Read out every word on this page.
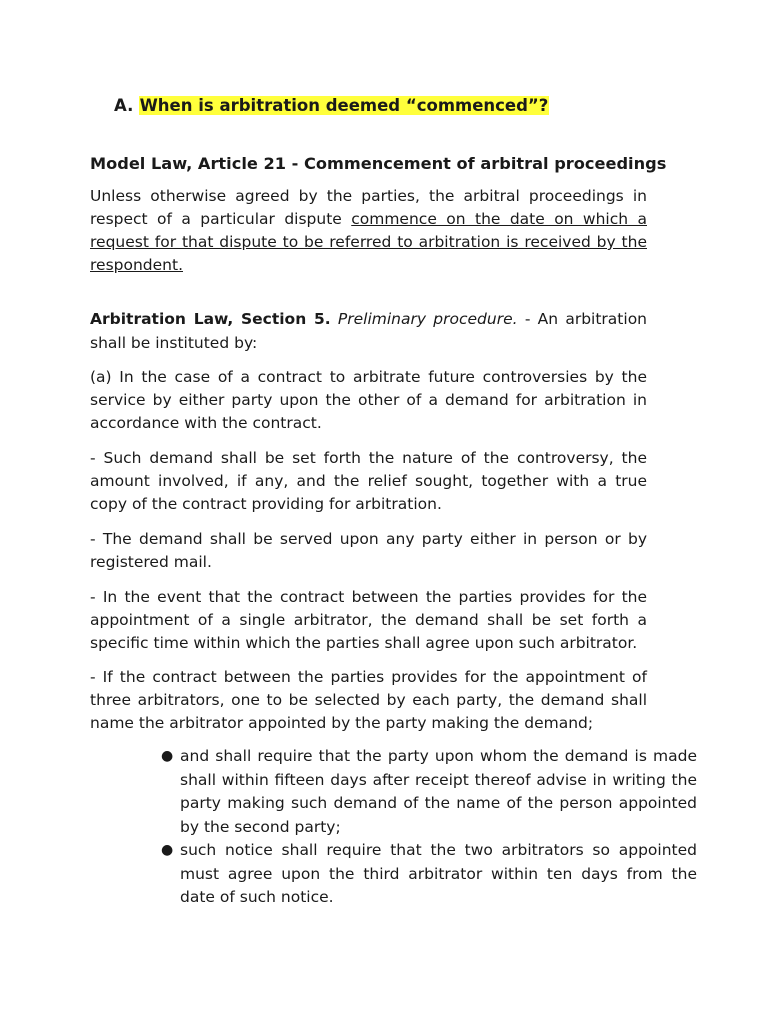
A. When is arbitration deemed “commenced”?

Model Law, Article 21 - Commencement of arbitral proceedings

Unless otherwise agreed by the parties, the arbitral proceedings in respect of a particular dispute commence on the date on which a request for that dispute to be referred to arbitration is received by the respondent.

Arbitration Law, Section 5. Preliminary procedure. - An arbitration shall be instituted by:

(a) In the case of a contract to arbitrate future controversies by the service by either party upon the other of a demand for arbitration in accordance with the contract.

- Such demand shall be set forth the nature of the controversy, the amount involved, if any, and the relief sought, together with a true copy of the contract providing for arbitration.

- The demand shall be served upon any party either in person or by registered mail.

- In the event that the contract between the parties provides for the appointment of a single arbitrator, the demand shall be set forth a specific time within which the parties shall agree upon such arbitrator.

- If the contract between the parties provides for the appointment of three arbitrators, one to be selected by each party, the demand shall name the arbitrator appointed by the party making the demand;

● and shall require that the party upon whom the demand is made shall within fifteen days after receipt thereof advise in writing the party making such demand of the name of the person appointed by the second party;
● such notice shall require that the two arbitrators so appointed must agree upon the third arbitrator within ten days from the date of such notice.
